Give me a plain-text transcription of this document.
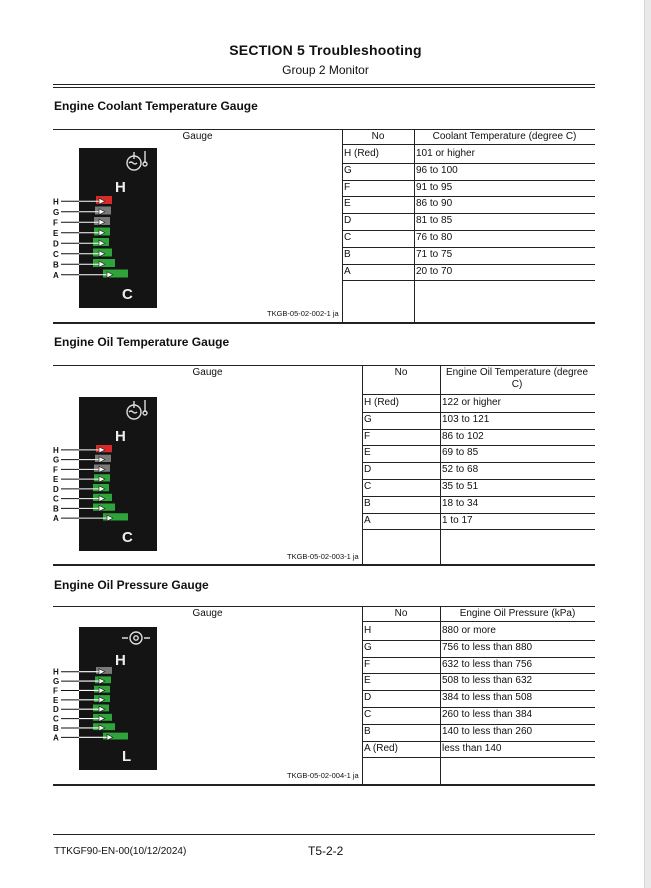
SECTION 5 Troubleshooting
Group 2 Monitor
Engine Coolant Temperature Gauge
Gauge	No	Coolant Temperature (degree C)
H
C
H
G
F
E
D
C
B
A
TKGB-05-02-002-1 ja
H (Red)	101 or higher
G	96 to 100
F	91 to 95
E	86 to 90
D	81 to 85
C	76 to 80
B	71 to 75
A	20 to 70
Engine Oil Temperature Gauge
Gauge	No	Engine Oil Temperature (degree C)
H
C
H
G
F
E
D
C
B
A
TKGB-05-02-003-1 ja
H (Red)	122 or higher
G	103 to 121
F	86 to 102
E	69 to 85
D	52 to 68
C	35 to 51
B	18 to 34
A	1 to 17
Engine Oil Pressure Gauge
Gauge	No	Engine Oil Pressure (kPa)
H
L
H
G
F
E
D
C
B
A
TKGB-05-02-004-1 ja
H	880 or more
G	756 to less than 880
F	632 to less than 756
E	508 to less than 632
D	384 to less than 508
C	260 to less than 384
B	140 to less than 260
A (Red)	less than 140
TTKGF90-EN-00(10/12/2024)	T5-2-2
